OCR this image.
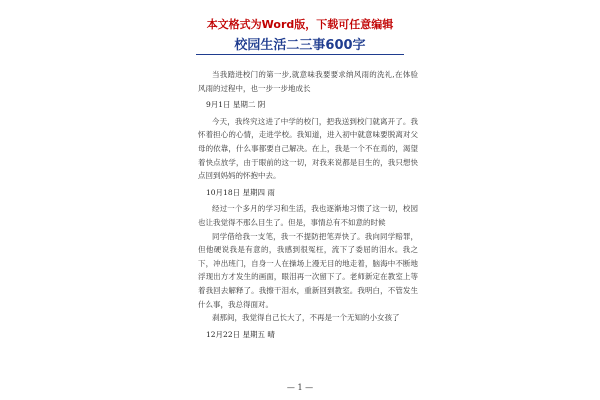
本文格式为Word版，下载可任意编辑
校园生活二三事600字

当我踏进校门的第一步,就意味我要要求纳风雨的洗礼,在体验风雨的过程中，也一步一步地成长

9月1日 星期二 阴

今天，我终究这进了中学的校门，把我送到校门就离开了。我怀着担心的心情，走进学校。我知道，进入初中就意味要脱离对父母的依靠，什么事都要自己解决。在上，我是一个不在焉的，渴望着快点放学，由于眼前的这一切，对我来说都是目生的，我只想快点回到妈妈的怀抱中去。

10月18日 星期四 雨

经过一个多月的学习和生活，我也逐渐地习惯了这一切，校园也让我觉得不那么目生了。但是，事情总有不如意的时候

同学借给我一支笔，我一不提防把笔弄快了。我向同学赔罪，但他硬说我是有意的，我感到很冤枉，流下了委屈的泪水。我之下，冲出班门，自身一人在操场上漫无目的地走着，脑海中不断地浮现出方才发生的画面，眼泪再一次留下了。老师新定在教室上等着我回去解释了。我擦干泪水，重新回到教室。我明白，不管发生什么事，我总得面对。

刹那间，我觉得自己长大了，不再是一个无知的小女孩了

12月22日 星期五 晴

— 1 —
